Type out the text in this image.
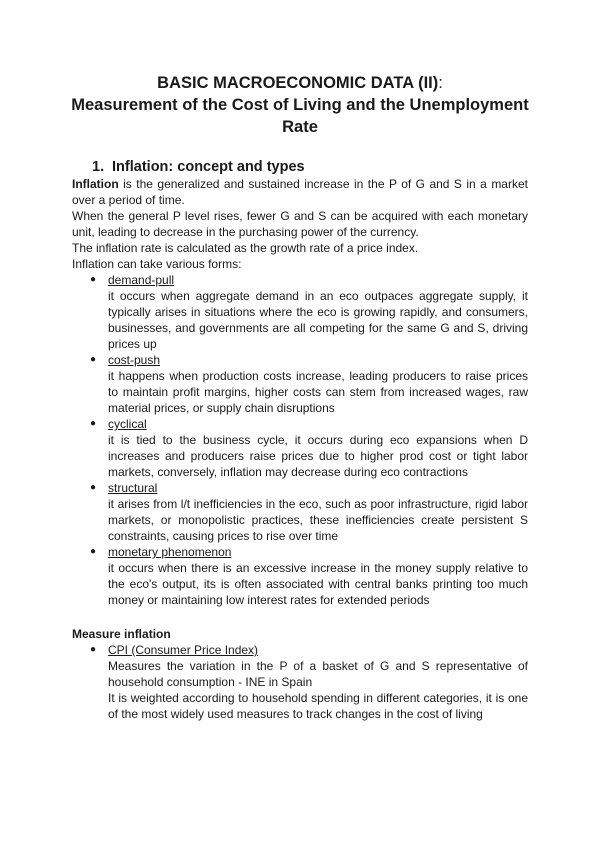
BASIC MACROECONOMIC DATA (II):
Measurement of the Cost of Living and the Unemployment Rate
1. Inflation: concept and types

Inflation is the generalized and sustained increase in the P of G and S in a market over a period of time.

When the general P level rises, fewer G and S can be acquired with each monetary unit, leading to decrease in the purchasing power of the currency.

The inflation rate is calculated as the growth rate of a price index.

Inflation can take various forms:

● demand-pull
it occurs when aggregate demand in an eco outpaces aggregate supply, it typically arises in situations where the eco is growing rapidly, and consumers, businesses, and governments are all competing for the same G and S, driving prices up
● cost-push
it happens when production costs increase, leading producers to raise prices to maintain profit margins, higher costs can stem from increased wages, raw material prices, or supply chain disruptions
● cyclical
it is tied to the business cycle, it occurs during eco expansions when D increases and producers raise prices due to higher prod cost or tight labor markets, conversely, inflation may decrease during eco contractions
● structural
it arises from l/t inefficiencies in the eco, such as poor infrastructure, rigid labor markets, or monopolistic practices, these inefficiencies create persistent S constraints, causing prices to rise over time
● monetary phenomenon
it occurs when there is an excessive increase in the money supply relative to the eco's output, its is often associated with central banks printing too much money or maintaining low interest rates for extended periods
Measure inflation
● CPI (Consumer Price Index)
Measures the variation in the P of a basket of G and S representative of household consumption - INE in Spain
It is weighted according to household spending in different categories, it is one of the most widely used measures to track changes in the cost of living
